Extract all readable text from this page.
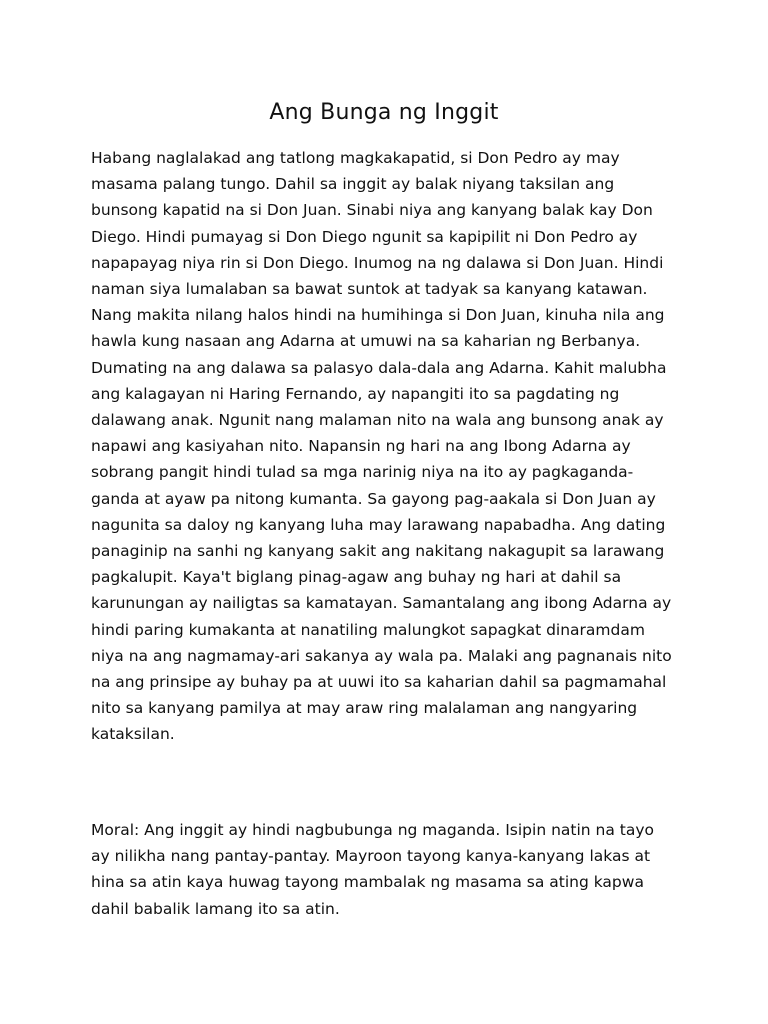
Ang Bunga ng Inggit
Habang naglalakad ang tatlong magkakapatid, si Don Pedro ay may
masama palang tungo. Dahil sa inggit ay balak niyang taksilan ang
bunsong kapatid na si Don Juan. Sinabi niya ang kanyang balak kay Don
Diego. Hindi pumayag si Don Diego ngunit sa kapipilit ni Don Pedro ay
napapayag niya rin si Don Diego. Inumog na ng dalawa si Don Juan. Hindi
naman siya lumalaban sa bawat suntok at tadyak sa kanyang katawan.
Nang makita nilang halos hindi na humihinga si Don Juan, kinuha nila ang
hawla kung nasaan ang Adarna at umuwi na sa kaharian ng Berbanya.
Dumating na ang dalawa sa palasyo dala-dala ang Adarna. Kahit malubha
ang kalagayan ni Haring Fernando, ay napangiti ito sa pagdating ng
dalawang anak. Ngunit nang malaman nito na wala ang bunsong anak ay
napawi ang kasiyahan nito. Napansin ng hari na ang Ibong Adarna ay
sobrang pangit hindi tulad sa mga narinig niya na ito ay pagkaganda-
ganda at ayaw pa nitong kumanta. Sa gayong pag-aakala si Don Juan ay
nagunita sa daloy ng kanyang luha may larawang napabadha. Ang dating
panaginip na sanhi ng kanyang sakit ang nakitang nakagupit sa larawang
pagkalupit. Kaya't biglang pinag-agaw ang buhay ng hari at dahil sa
karunungan ay nailigtas sa kamatayan. Samantalang ang ibong Adarna ay
hindi paring kumakanta at nanatiling malungkot sapagkat dinaramdam
niya na ang nagmamay-ari sakanya ay wala pa. Malaki ang pagnanais nito
na ang prinsipe ay buhay pa at uuwi ito sa kaharian dahil sa pagmamahal
nito sa kanyang pamilya at may araw ring malalaman ang nangyaring
kataksilan.
Moral: Ang inggit ay hindi nagbubunga ng maganda. Isipin natin na tayo
ay nilikha nang pantay-pantay. Mayroon tayong kanya-kanyang lakas at
hina sa atin kaya huwag tayong mambalak ng masama sa ating kapwa
dahil babalik lamang ito sa atin.
